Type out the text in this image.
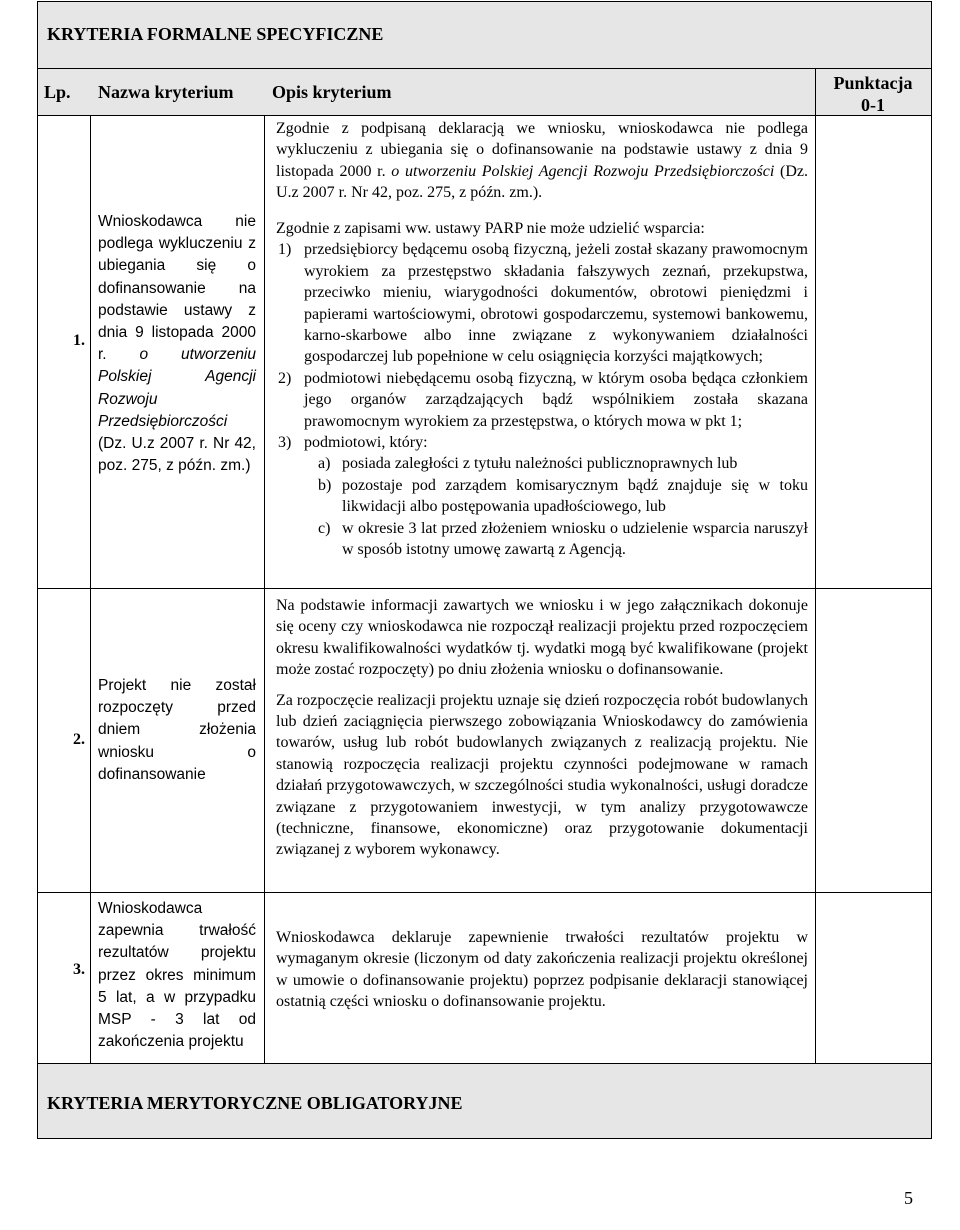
KRYTERIA FORMALNE SPECYFICZNE
Lp. Nazwa kryterium Opis kryterium	Punktacja
0-1
1.
Wnioskodawca nie podlega wykluczeniu z ubiegania się o dofinansowanie na podstawie ustawy z dnia 9 listopada 2000 r. o utworzeniu Polskiej Agencji Rozwoju Przedsiębiorczości (Dz. U.z 2007 r. Nr 42, poz. 275, z późn. zm.)
Zgodnie z podpisaną deklaracją we wniosku, wnioskodawca nie podlega wykluczeniu z ubiegania się o dofinansowanie na podstawie ustawy z dnia 9 listopada 2000 r. o utworzeniu Polskiej Agencji Rozwoju Przedsiębiorczości (Dz. U.z 2007 r. Nr 42, poz. 275, z późn. zm.).

Zgodnie z zapisami ww. ustawy PARP nie może udzielić wsparcia:

1) przedsiębiorcy będącemu osobą fizyczną, jeżeli został skazany prawomocnym wyrokiem za przestępstwo składania fałszywych zeznań, przekupstwa, przeciwko mieniu, wiarygodności dokumentów, obrotowi pieniędzmi i papierami wartościowymi, obrotowi gospodarczemu, systemowi bankowemu, karno-skarbowe albo inne związane z wykonywaniem działalności gospodarczej lub popełnione w celu osiągnięcia korzyści majątkowych;
2) podmiotowi niebędącemu osobą fizyczną, w którym osoba będąca członkiem jego organów zarządzających bądź wspólnikiem została skazana prawomocnym wyrokiem za przestępstwa, o których mowa w pkt 1;
3) podmiotowi, który:
a) posiada zaległości z tytułu należności publicznoprawnych lub
b) pozostaje pod zarządem komisarycznym bądź znajduje się w toku likwidacji albo postępowania upadłościowego, lub
c) w okresie 3 lat przed złożeniem wniosku o udzielenie wsparcia naruszył w sposób istotny umowę zawartą z Agencją.
2.
Projekt nie został rozpoczęty przed dniem złożenia wniosku o dofinansowanie

Na podstawie informacji zawartych we wniosku i w jego załącznikach dokonuje się oceny czy wnioskodawca nie rozpoczął realizacji projektu przed rozpoczęciem okresu kwalifikowalności wydatków tj. wydatki mogą być kwalifikowane (projekt może zostać rozpoczęty) po dniu złożenia wniosku o dofinansowanie.

Za rozpoczęcie realizacji projektu uznaje się dzień rozpoczęcia robót budowlanych lub dzień zaciągnięcia pierwszego zobowiązania Wnioskodawcy do zamówienia towarów, usług lub robót budowlanych związanych z realizacją projektu. Nie stanowią rozpoczęcia realizacji projektu czynności podejmowane w ramach działań przygotowawczych, w szczególności studia wykonalności, usługi doradcze związane z przygotowaniem inwestycji, w tym analizy przygotowawcze (techniczne, finansowe, ekonomiczne) oraz przygotowanie dokumentacji związanej z wyborem wykonawcy.

3.
Wnioskodawca zapewnia trwałość rezultatów projektu przez okres minimum 5 lat, a w przypadku MSP - 3 lat od zakończenia projektu
Wnioskodawca deklaruje zapewnienie trwałości rezultatów projektu w wymaganym okresie (liczonym od daty zakończenia realizacji projektu określonej w umowie o dofinansowanie projektu) poprzez podpisanie deklaracji stanowiącej ostatnią części wniosku o dofinansowanie projektu.
KRYTERIA MERYTORYCZNE OBLIGATORYJNE
5
